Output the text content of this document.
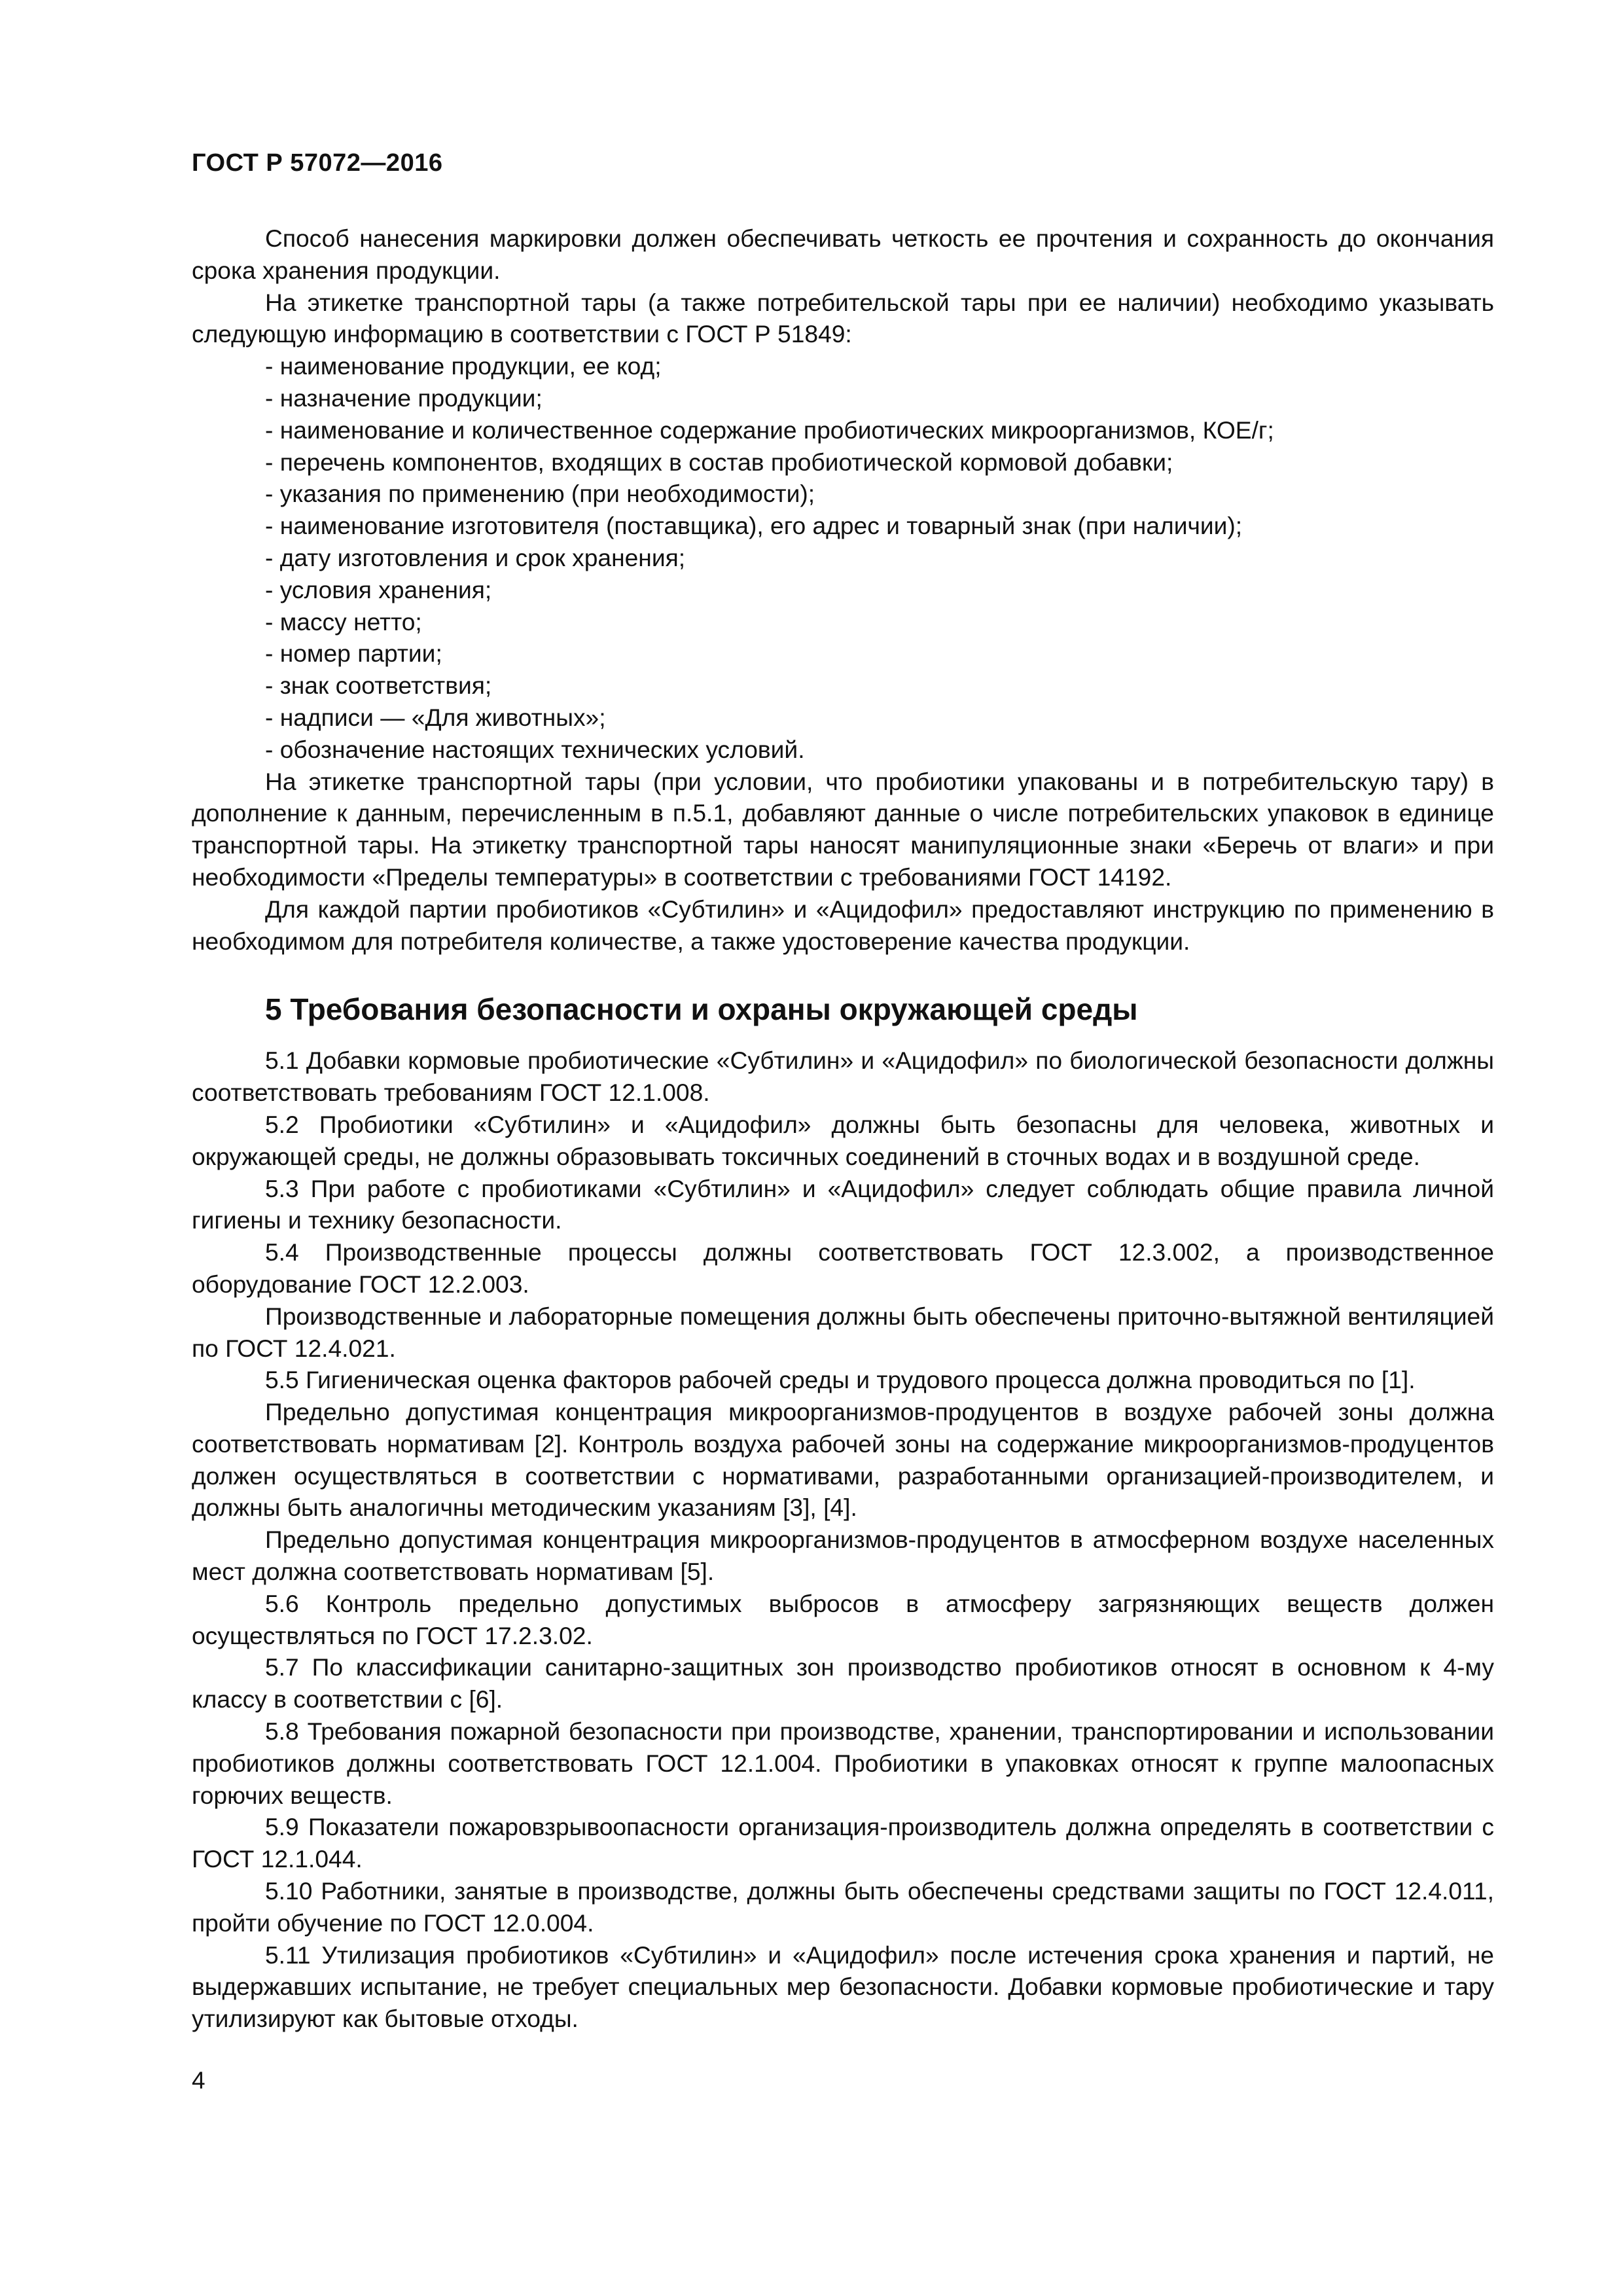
ГОСТ Р 57072—2016

Способ нанесения маркировки должен обеспечивать четкость ее прочтения и сохранность до окончания срока хранения продукции.

На этикетке транспортной тары (а также потребительской тары при ее наличии) необходимо указывать следующую информацию в соответствии с ГОСТ Р 51849:

- наименование продукции, ее код;
- назначение продукции;
- наименование и количественное содержание пробиотических микроорганизмов, КОЕ/г;
- перечень компонентов, входящих в состав пробиотической кормовой добавки;
- указания по применению (при необходимости);
- наименование изготовителя (поставщика), его адрес и товарный знак (при наличии);
- дату изготовления и срок хранения;
- условия хранения;
- массу нетто;
- номер партии;
- знак соответствия;
- надписи — «Для животных»;
- обозначение настоящих технических условий.

На этикетке транспортной тары (при условии, что пробиотики упакованы и в потребительскую тару) в дополнение к данным, перечисленным в п.5.1, добавляют данные о числе потребительских упаковок в единице транспортной тары. На этикетку транспортной тары наносят манипуляционные знаки «Беречь от влаги» и при необходимости «Пределы температуры» в соответствии с требованиями ГОСТ 14192.

Для каждой партии пробиотиков «Субтилин» и «Ацидофил» предоставляют инструкцию по применению в необходимом для потребителя количестве, а также удостоверение качества продукции.

5 Требования безопасности и охраны окружающей среды

5.1 Добавки кормовые пробиотические «Субтилин» и «Ацидофил» по биологической безопасности должны соответствовать требованиям ГОСТ 12.1.008.

5.2 Пробиотики «Субтилин» и «Ацидофил» должны быть безопасны для человека, животных и окружающей среды, не должны образовывать токсичных соединений в сточных водах и в воздушной среде.

5.3 При работе с пробиотиками «Субтилин» и «Ацидофил» следует соблюдать общие правила личной гигиены и технику безопасности.

5.4 Производственные процессы должны соответствовать ГОСТ 12.3.002, а производственное оборудование ГОСТ 12.2.003.

Производственные и лабораторные помещения должны быть обеспечены приточно-вытяжной вентиляцией по ГОСТ 12.4.021.

5.5 Гигиеническая оценка факторов рабочей среды и трудового процесса должна проводиться по [1].

Предельно допустимая концентрация микроорганизмов-продуцентов в воздухе рабочей зоны должна соответствовать нормативам [2]. Контроль воздуха рабочей зоны на содержание микроорганизмов-продуцентов должен осуществляться в соответствии с нормативами, разработанными организацией-производителем, и должны быть аналогичны методическим указаниям [3], [4].

Предельно допустимая концентрация микроорганизмов-продуцентов в атмосферном воздухе населенных мест должна соответствовать нормативам [5].

5.6 Контроль предельно допустимых выбросов в атмосферу загрязняющих веществ должен осуществляться по ГОСТ 17.2.3.02.

5.7 По классификации санитарно-защитных зон производство пробиотиков относят в основном к 4-му классу в соответствии с [6].

5.8 Требования пожарной безопасности при производстве, хранении, транспортировании и использовании пробиотиков должны соответствовать ГОСТ 12.1.004. Пробиотики в упаковках относят к группе малоопасных горючих веществ.

5.9 Показатели пожаровзрывоопасности организация-производитель должна определять в соответствии с ГОСТ 12.1.044.

5.10 Работники, занятые в производстве, должны быть обеспечены средствами защиты по ГОСТ 12.4.011, пройти обучение по ГОСТ 12.0.004.

5.11 Утилизация пробиотиков «Субтилин» и «Ацидофил» после истечения срока хранения и партий, не выдержавших испытание, не требует специальных мер безопасности. Добавки кормовые пробиотические и тару утилизируют как бытовые отходы.

4
